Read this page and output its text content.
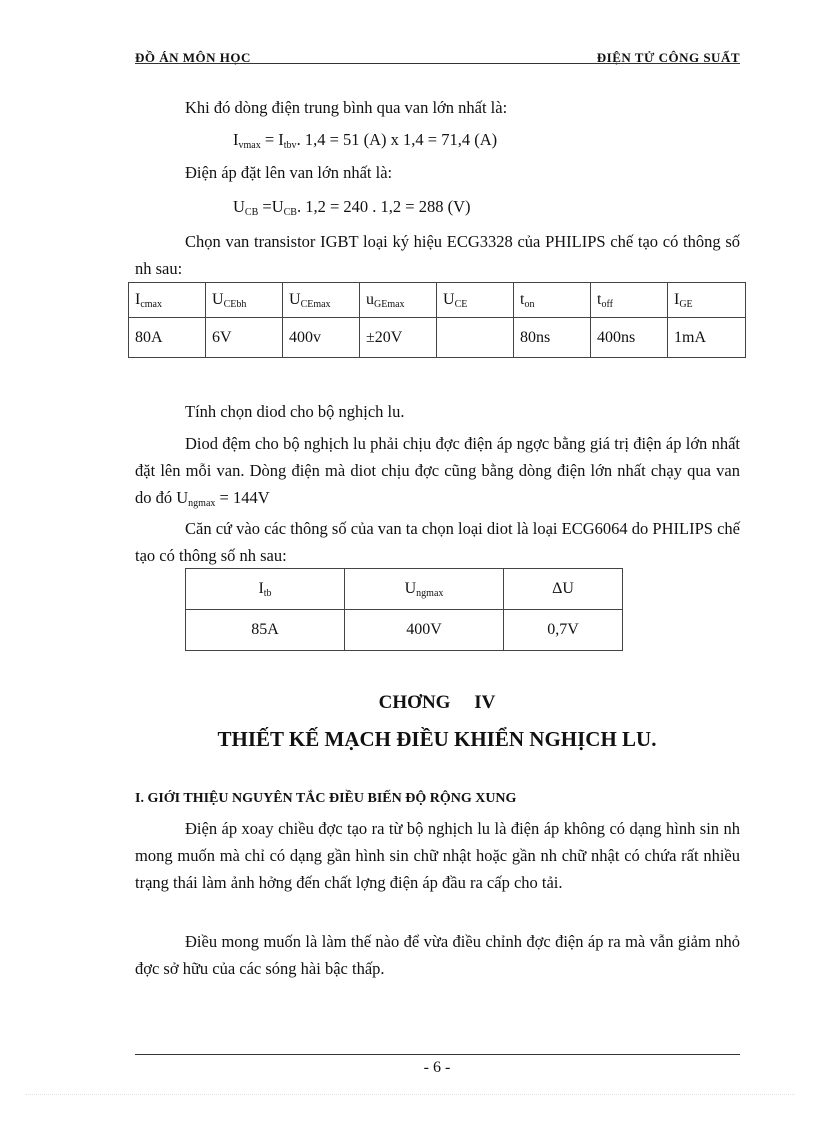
ĐỒ ÁN MÔN HỌC	ĐIỆN TỬ CÔNG SUẤT

Khi đó dòng điện trung bình qua van lớn nhất là:

$I_{vmax} = I_{tbv}$. 1,4 = 51 (A) x 1,4 = 71,4 (A)

Điện áp đặt lên van lớn nhất là:

$U_{CB} =U_{CB}$. 1,2 = 240 . 1,2 = 288 (V)

Chọn van transistor IGBT loại ký hiệu ECG3328 của PHILIPS chế tạo có thông số nh sau:

$I_{cmax}$	$U_{CEbh}$	$U_{CEmax}$	$u_{GEmax}$	$U_{CE}$	$t_{on}$	$t_{off}$	$I_{GE}$
80A	6V	400v	±20V		80ns	400ns	1mA

Tính chọn diod cho bộ nghịch lu.

Diod đệm cho bộ nghịch lu phải chịu đợc điện áp ngợc bằng giá trị điện áp lớn nhất đặt lên mỗi van. Dòng điện mà diot chịu đợc cũng bằng dòng điện lớn nhất chạy qua van do đó $U_{ngmax} = 144V$

Căn cứ vào các thông số của van ta chọn loại diot là loại ECG6064 do PHILIPS chế tạo có thông số nh sau:

$I_{tb}$	$U_{ngmax}$	ΔU
85A	400V	0,7V
CHƠNG     IV
THIẾT KẾ MẠCH ĐIỀU KHIỂN NGHỊCH LU.
I. GIỚI THIỆU NGUYÊN TẮC ĐIỀU BIẾN ĐỘ RỘNG XUNG

Điện áp xoay chiều đợc tạo ra từ bộ nghịch lu là điện áp không có dạng hình sin nh mong muốn mà chỉ có dạng gần hình sin chữ nhật hoặc gần nh chữ nhật có chứa rất nhiều trạng thái làm ảnh hởng đến chất lợng điện áp đầu ra cấp cho tải.

Điều mong muốn là làm thế nào để vừa điều chỉnh đợc điện áp ra mà vẫn giảm nhỏ đợc sở hữu của các sóng hài bậc thấp.

- 6 -
